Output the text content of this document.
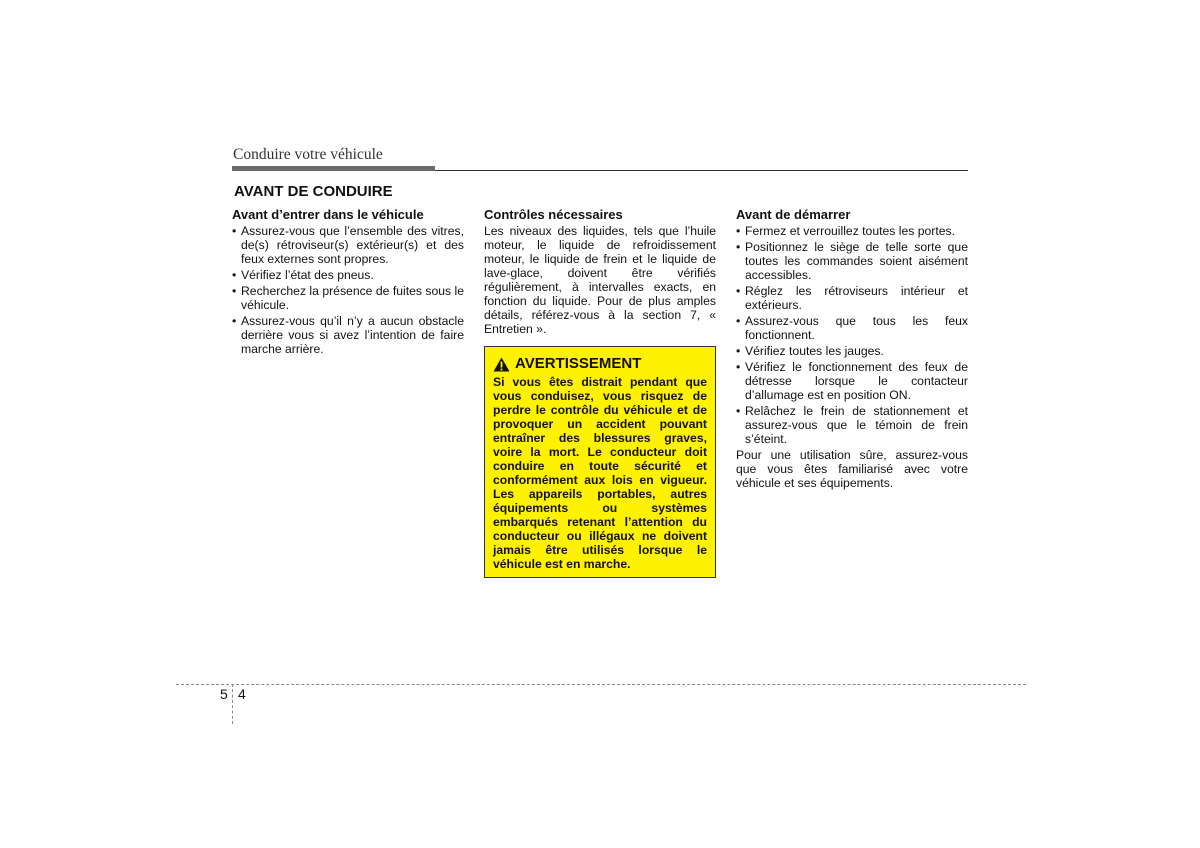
Conduire votre véhicule
AVANT DE CONDUIRE
Avant d’entrer dans le véhicule
• Assurez-vous que l’ensemble des vitres, de(s) rétroviseur(s) extérieur(s) et des feux externes sont propres.
• Vérifiez l’état des pneus.
• Recherchez la présence de fuites sous le véhicule.
• Assurez-vous qu’il n’y a aucun obstacle derrière vous si avez l’intention de faire marche arrière.
Contrôles nécessaires

Les niveaux des liquides, tels que l’huile moteur, le liquide de refroidissement moteur, le liquide de frein et le liquide de lave-glace, doivent être vérifiés régulièrement, à intervalles exacts, en fonction du liquide. Pour de plus amples détails, référez-vous à la section 7, « Entretien ».

AVERTISSEMENT

Si vous êtes distrait pendant que vous conduisez, vous risquez de perdre le contrôle du véhicule et de provoquer un accident pouvant entraîner des blessures graves, voire la mort. Le conducteur doit conduire en toute sécurité et conformément aux lois en vigueur. Les appareils portables, autres équipements ou systèmes embarqués retenant l’attention du conducteur ou illégaux ne doivent jamais être utilisés lorsque le véhicule est en marche.

Avant de démarrer
• Fermez et verrouillez toutes les portes.
• Positionnez le siège de telle sorte que toutes les commandes soient aisément accessibles.
• Réglez les rétroviseurs intérieur et extérieurs.
• Assurez-vous que tous les feux fonctionnent.
• Vérifiez toutes les jauges.
• Vérifiez le fonctionnement des feux de détresse lorsque le contacteur d’allumage est en position ON.
• Relâchez le frein de stationnement et assurez-vous que le témoin de frein s’éteint.

Pour une utilisation sûre, assurez-vous que vous êtes familiarisé avec votre véhicule et ses équipements.

5 4
